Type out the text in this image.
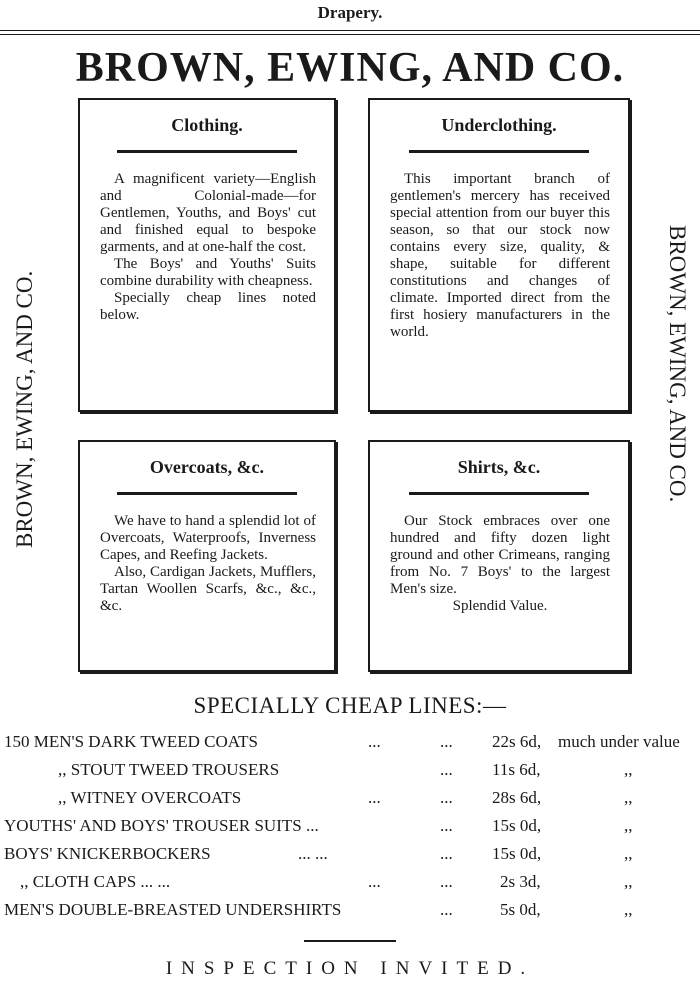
Drapery.
BROWN, EWING, AND CO.
BROWN, EWING, AND CO.	BROWN, EWING, AND CO.
Clothing.

A magnificent variety—English and Colonial-made—for Gentlemen, Youths, and Boys' cut and finished equal to bespoke garments, and at one-half the cost.

The Boys' and Youths' Suits combine durability with cheapness.

Specially cheap lines noted below.

Underclothing.

This important branch of gentlemen's mercery has received special attention from our buyer this season, so that our stock now contains every size, quality, & shape, suitable for different constitutions and changes of climate. Imported direct from the first hosiery manufacturers in the world.

Overcoats, &c.

We have to hand a splendid lot of Overcoats, Waterproofs, Inverness Capes, and Reefing Jackets.

Also, Cardigan Jackets, Mufflers, Tartan Woollen Scarfs, &c., &c., &c.

Shirts, &c.

Our Stock embraces over one hundred and fifty dozen light ground and other Crimeans, ranging from No. 7 Boys' to the largest Men's size.

Splendid Value.

SPECIALLY CHEAP LINES:—
150 MEN'S DARK TWEED COATS	...	... 22s 6d, much under value
,, STOUT TWEED TROUSERS	... 11s 6d,	,,
,, WITNEY OVERCOATS	...	... 28s 6d,	,,
YOUTHS' AND BOYS' TROUSER SUITS ...	... 15s 0d,	,,
BOYS' KNICKERBOCKERS	... ...	... 15s 0d,	,,
,, CLOTH CAPS ... ...	...	...	2s 3d,	,,
MEN'S DOUBLE-BREASTED UNDERSHIRTS	...	5s 0d,	,,
INSPECTION INVITED.
